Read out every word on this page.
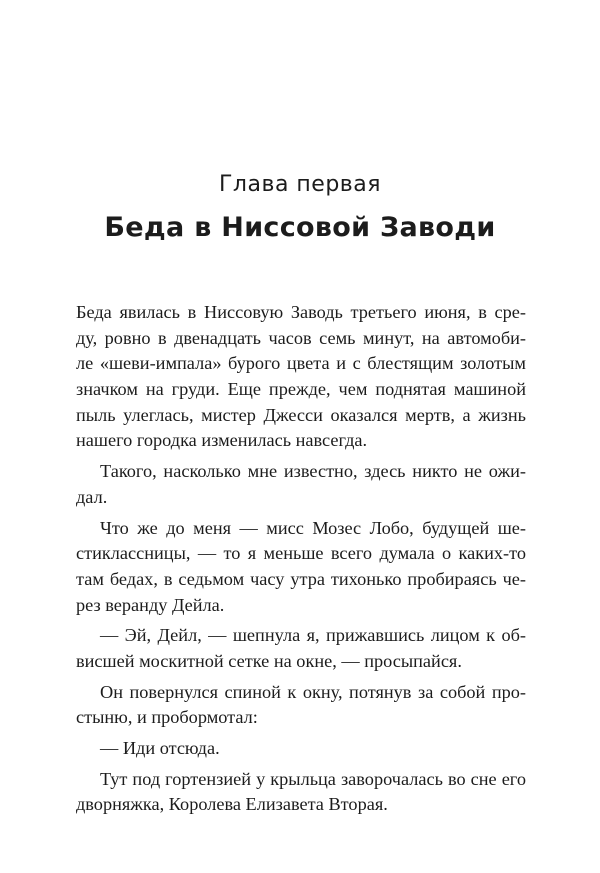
Глава первая
Беда в Ниссовой Заводи
Беда явилась в Ниссовую Заводь третьего июня, в сре-
ду, ровно в двенадцать часов семь минут, на автомоби-
ле «шеви-импала» бурого цвета и с блестящим золотым
значком на груди. Еще прежде, чем поднятая машиной
пыль улеглась, мистер Джесси оказался мертв, а жизнь
нашего городка изменилась навсегда.
Такого, насколько мне известно, здесь никто не ожи-
дал.
Что же до меня — мисс Мозес Лобо, будущей ше-
стиклассницы, — то я меньше всего думала о каких-то
там бедах, в седьмом часу утра тихонько пробираясь че-
рез веранду Дейла.
— Эй, Дейл, — шепнула я, прижавшись лицом к об-
висшей москитной сетке на окне, — просыпайся.
Он повернулся спиной к окну, потянув за собой про-
стыню, и пробормотал:
— Иди отсюда.
Тут под гортензией у крыльца заворочалась во сне его
дворняжка, Королева Елизавета Вторая.
